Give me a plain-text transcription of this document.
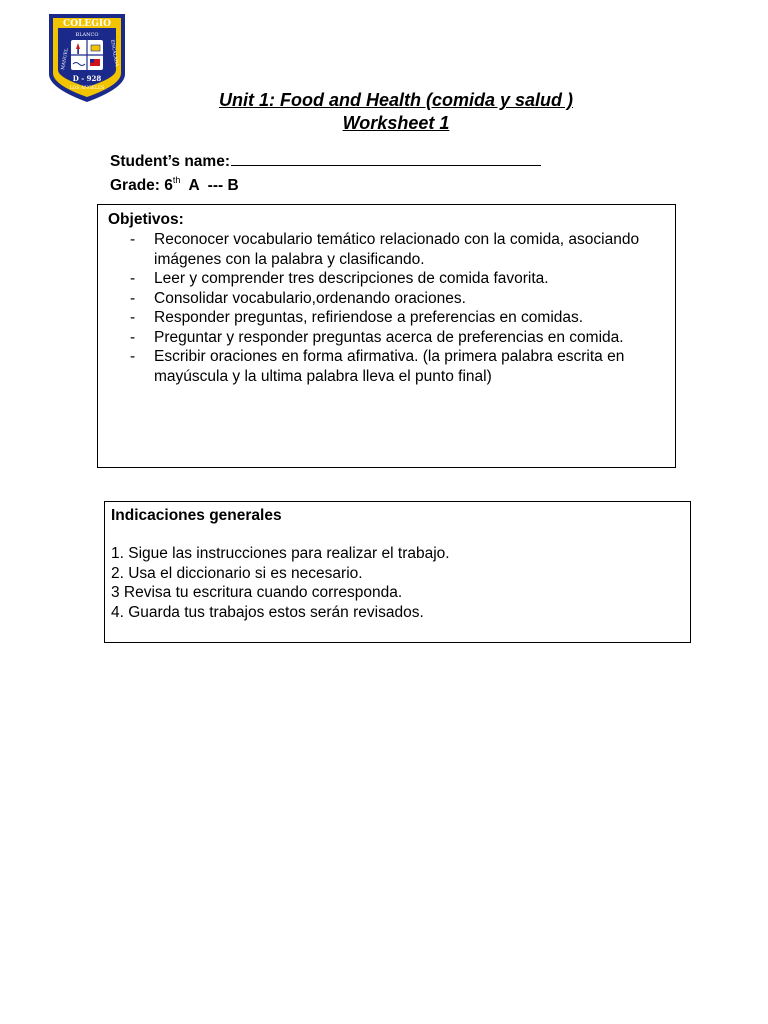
COLEGIO
BLANCO
MANUEL	ENCALADA
D - 928
LOS ANGELES
Unit 1: Food and Health (comida y salud )
Worksheet 1
Student’s name:
Grade: 6th A  --- B
Objetivos:
- Reconocer vocabulario temático relacionado con la comida, asociando imágenes con la palabra y clasificando.
- Leer y comprender tres descripciones de comida favorita.
- Consolidar vocabulario,ordenando oraciones.
- Responder preguntas, refiriendose a preferencias en comidas.
- Preguntar y responder preguntas acerca de preferencias en comida.
- Escribir oraciones en forma afirmativa. (la primera palabra escrita en mayúscula y la ultima palabra lleva el punto final)
Indicaciones generales
1. Sigue las instrucciones para realizar el trabajo.
2. Usa el diccionario si es necesario.
3 Revisa tu escritura cuando corresponda.
4. Guarda tus trabajos estos serán revisados.
